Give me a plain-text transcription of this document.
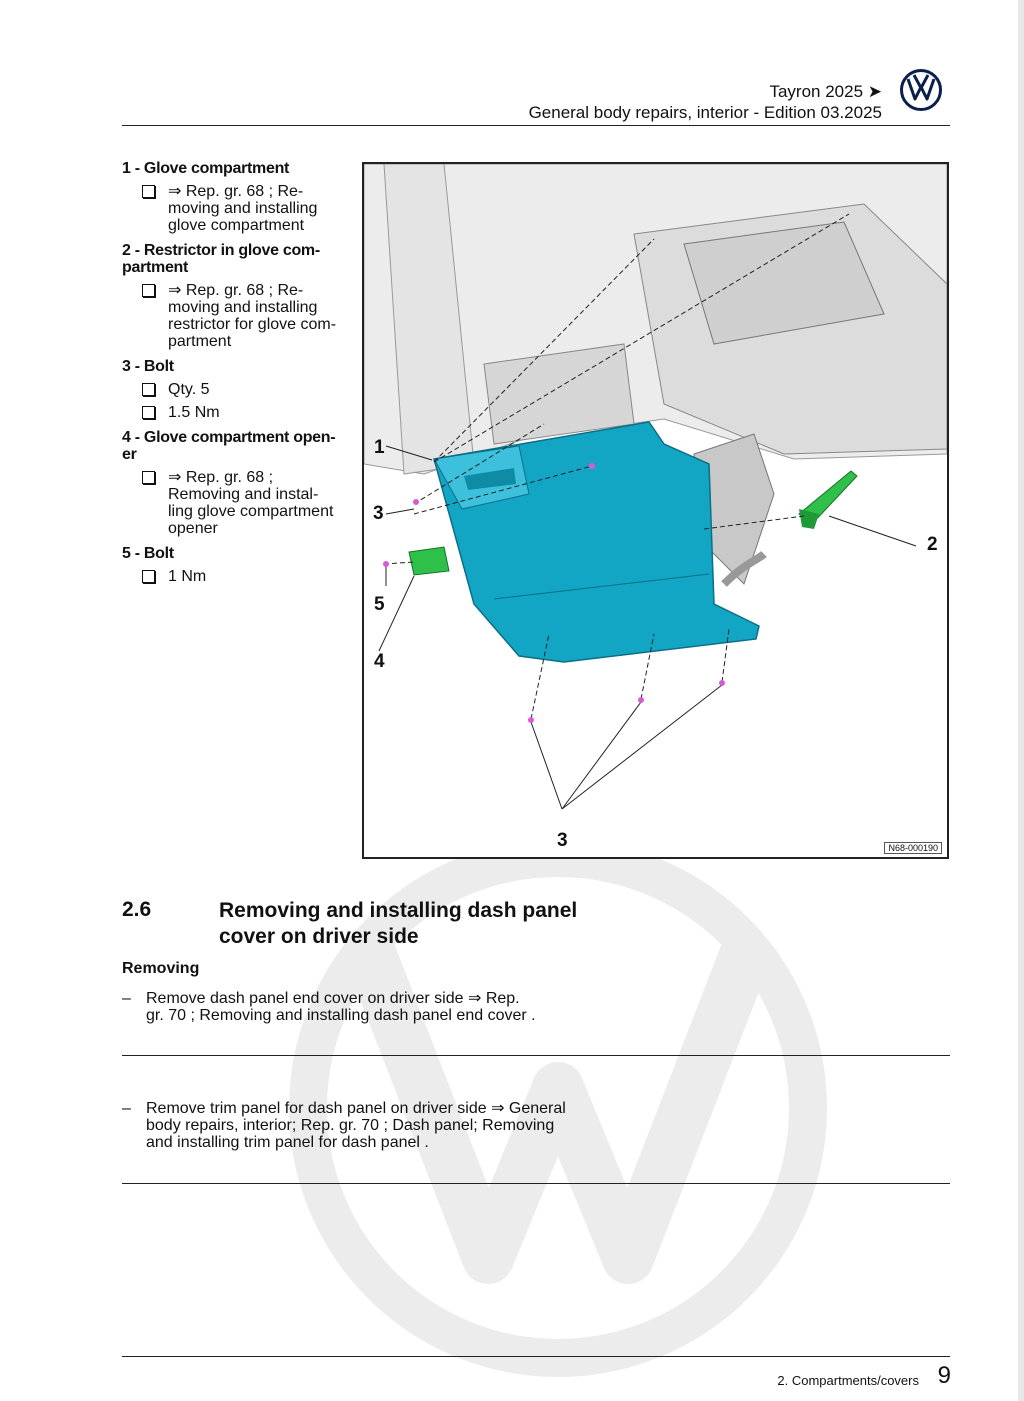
Tayron 2025 ➤
General body repairs, interior - Edition 03.2025
1 - Glove compartment
⇒ Rep. gr. 68 ; Re-
moving and installing
glove compartment
2 - Restrictor in glove com-
partment
⇒ Rep. gr. 68 ; Re-
moving and installing
restrictor for glove com-
partment
3 - Bolt
Qty. 5
1.5 Nm
4 - Glove compartment open-
er
⇒ Rep. gr. 68 ;
Removing and instal-
ling glove compartment
opener
5 - Bolt
1 Nm
1
2
3
3
4
5
N68-000190
2.6	Removing and installing dash panel
cover on driver side
Removing
– Remove dash panel end cover on driver side ⇒ Rep.
gr. 70 ; Removing and installing dash panel end cover .
– Remove trim panel for dash panel on driver side ⇒ General
body repairs, interior; Rep. gr. 70 ; Dash panel; Removing
and installing trim panel for dash panel .
2. Compartments/covers 9
